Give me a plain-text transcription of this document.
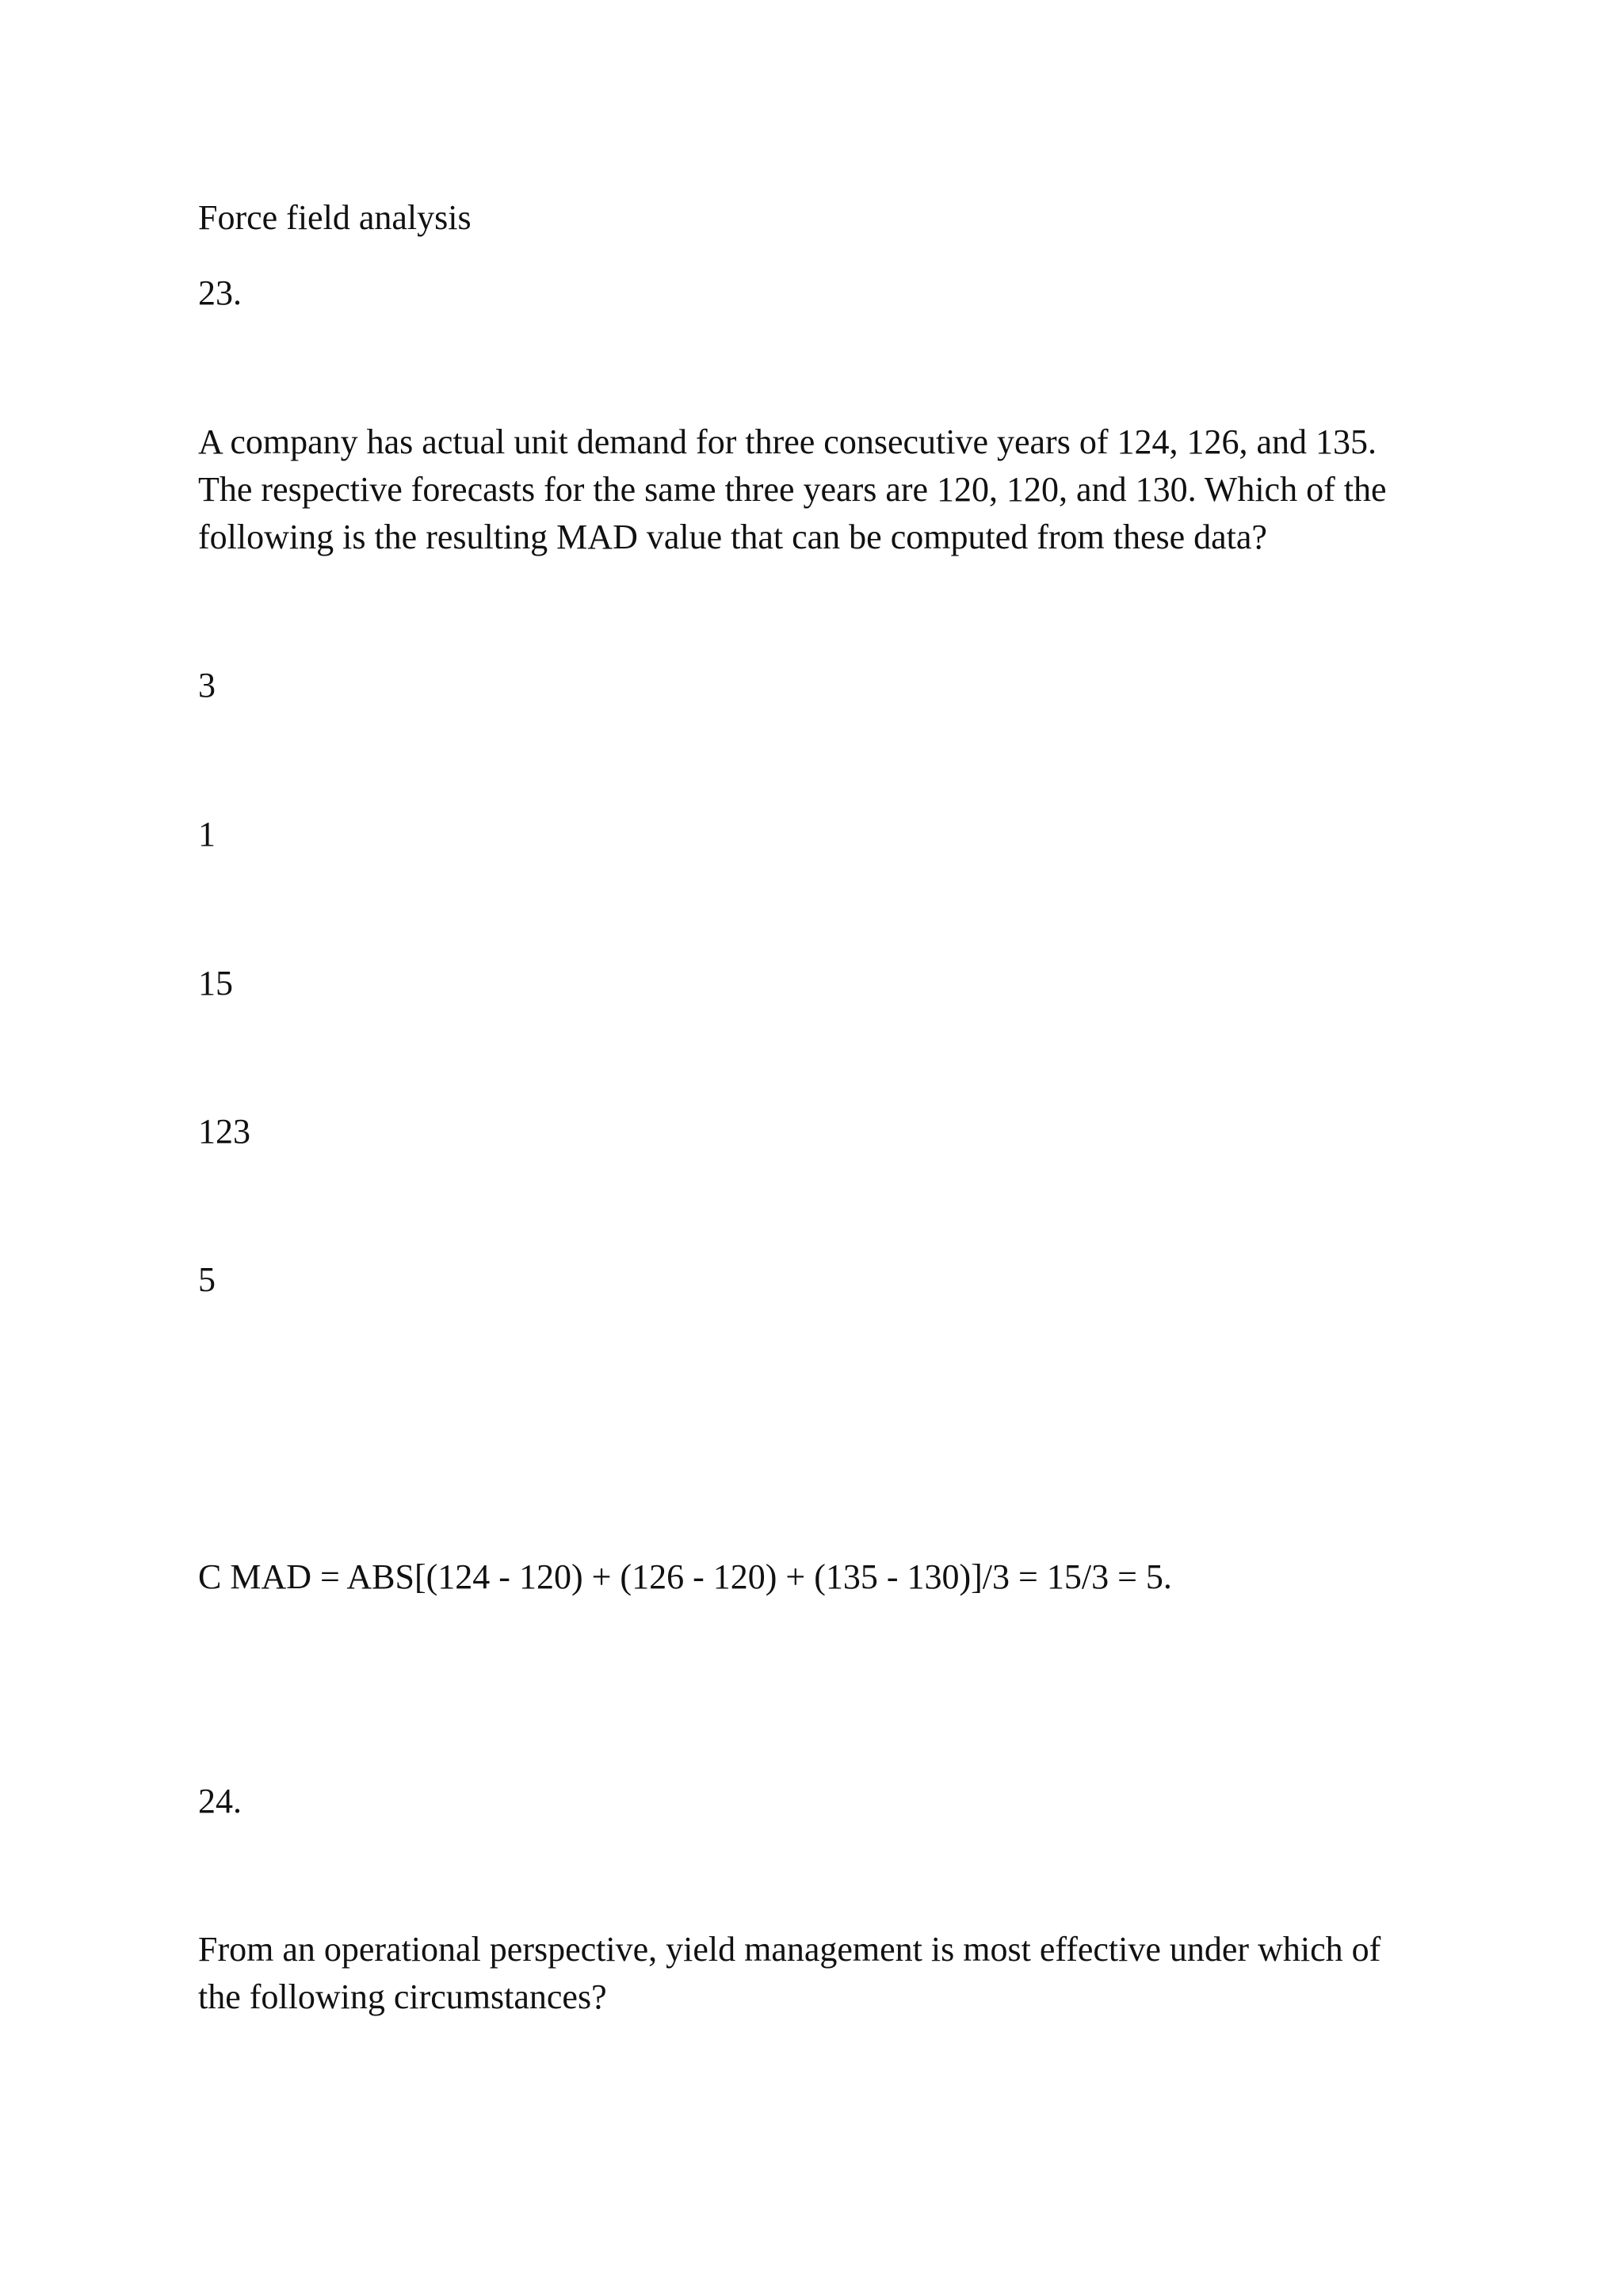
Force field analysis
23.

A company has actual unit demand for three consecutive years of 124, 126, and 135.

The respective forecasts for the same three years are 120, 120, and 130. Which of the

following is the resulting MAD value that can be computed from these data?

3
1
15
123
5
C MAD = ABS[(124 - 120) + (126 - 120) + (135 - 130)]/3 = 15/3 = 5.
24.

From an operational perspective, yield management is most effective under which of

the following circumstances?
